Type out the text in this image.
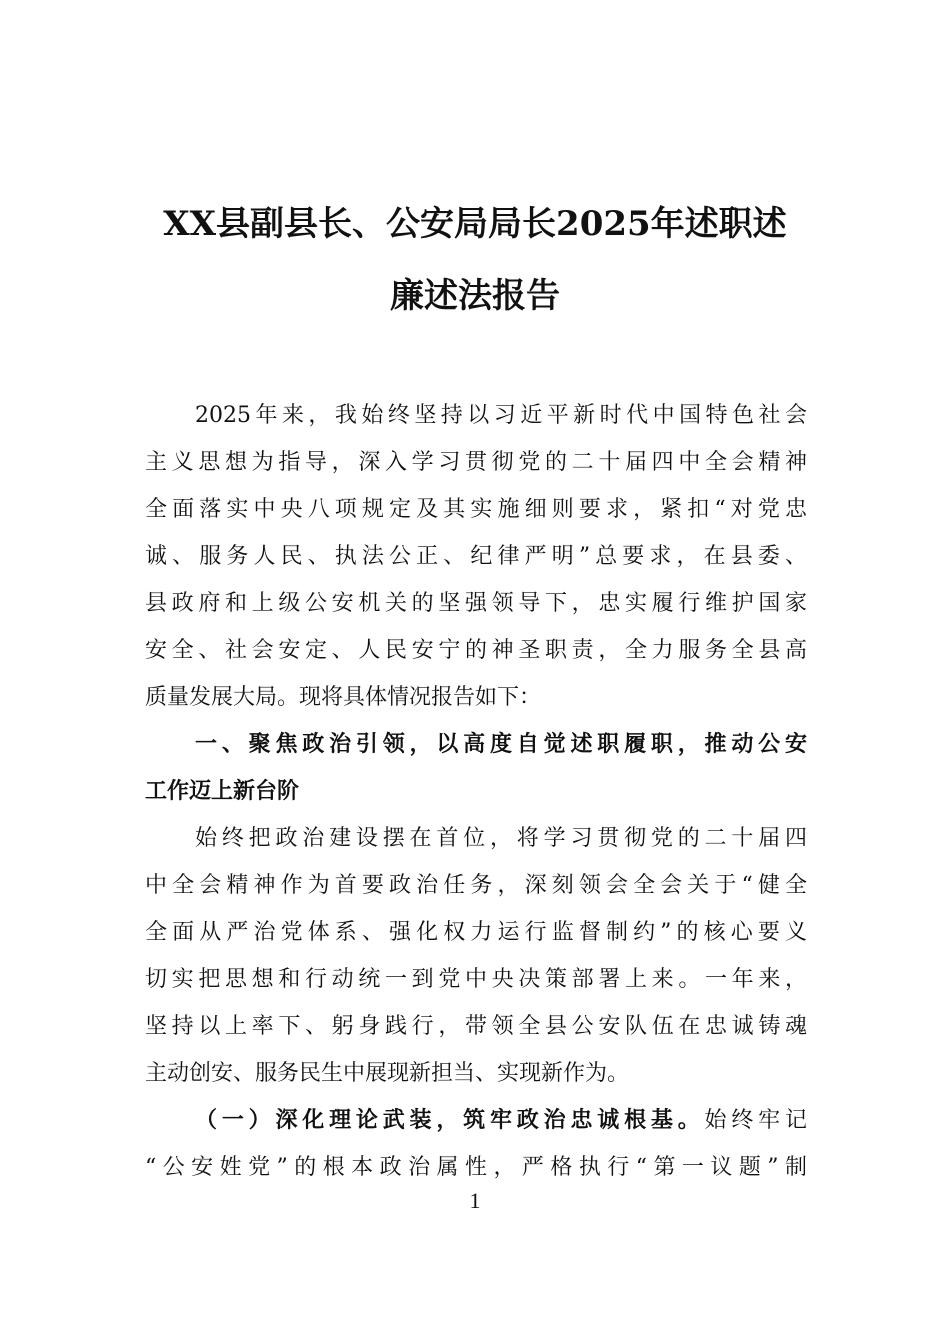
XX县副县长、公安局局长2025年述职述
廉述法报告
2025年来，我始终坚持以习近平新时代中国特色社会
主义思想为指导，深入学习贯彻党的二十届四中全会精神
全面落实中央八项规定及其实施细则要求，紧扣“对党忠
诚、服务人民、执法公正、纪律严明”总要求，在县委、
县政府和上级公安机关的坚强领导下，忠实履行维护国家
安全、社会安定、人民安宁的神圣职责，全力服务全县高
质量发展大局。现将具体情况报告如下：
一、聚焦政治引领，以高度自觉述职履职，推动公安
工作迈上新台阶
始终把政治建设摆在首位，将学习贯彻党的二十届四
中全会精神作为首要政治任务，深刻领会全会关于“健全
全面从严治党体系、强化权力运行监督制约”的核心要义
切实把思想和行动统一到党中央决策部署上来。一年来，
坚持以上率下、躬身践行，带领全县公安队伍在忠诚铸魂
主动创安、服务民生中展现新担当、实现新作为。
（一）深化理论武装，筑牢政治忠诚根基。始终牢记
“公安姓党”的根本政治属性，严格执行“第一议题”制
1
